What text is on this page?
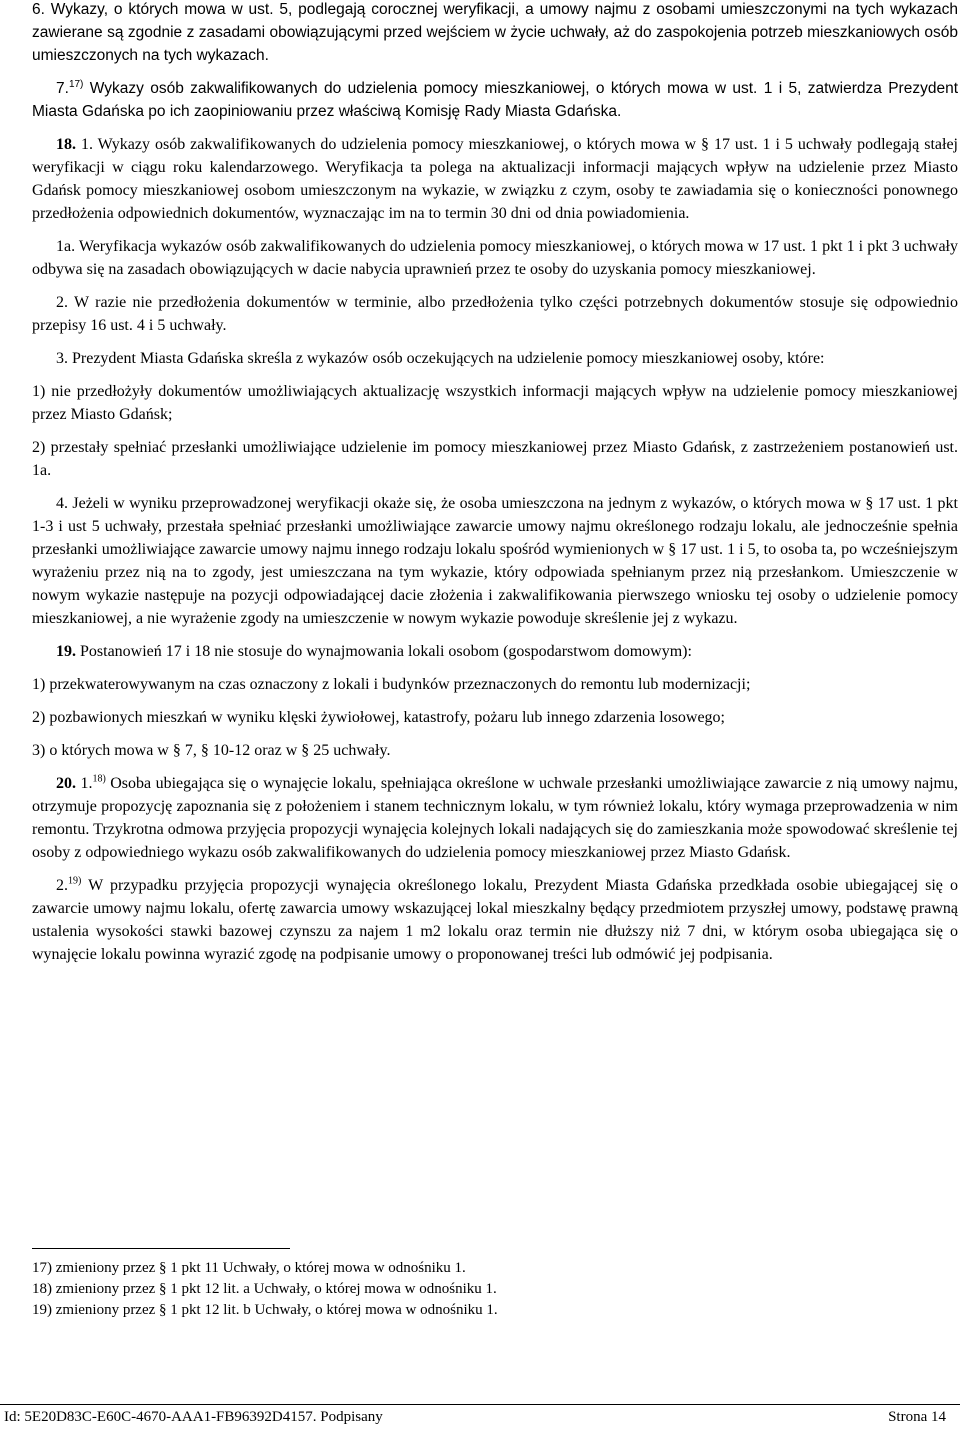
6. Wykazy, o których mowa w ust. 5, podlegają corocznej weryfikacji, a umowy najmu z osobami umieszczonymi na tych wykazach zawierane są zgodnie z zasadami obowiązującymi przed wejściem w życie uchwały, aż do zaspokojenia potrzeb mieszkaniowych osób umieszczonych na tych wykazach.

7.$^{17)}$ Wykazy osób zakwalifikowanych do udzielenia pomocy mieszkaniowej, o których mowa w ust. 1 i 5, zatwierdza Prezydent Miasta Gdańska po ich zaopiniowaniu przez właściwą Komisję Rady Miasta Gdańska.

18. 1. Wykazy osób zakwalifikowanych do udzielenia pomocy mieszkaniowej, o których mowa w § 17 ust. 1 i 5 uchwały podlegają stałej weryfikacji w ciągu roku kalendarzowego. Weryfikacja ta polega na aktualizacji informacji mających wpływ na udzielenie przez Miasto Gdańsk pomocy mieszkaniowej osobom umieszczonym na wykazie, w związku z czym, osoby te zawiadamia się o konieczności ponownego przedłożenia odpowiednich dokumentów, wyznaczając im na to termin 30 dni od dnia powiadomienia.

1a. Weryfikacja wykazów osób zakwalifikowanych do udzielenia pomocy mieszkaniowej, o których mowa w 17 ust. 1 pkt 1 i pkt 3 uchwały odbywa się na zasadach obowiązujących w dacie nabycia uprawnień przez te osoby do uzyskania pomocy mieszkaniowej.

2. W razie nie przedłożenia dokumentów w terminie, albo przedłożenia tylko części potrzebnych dokumentów stosuje się odpowiednio przepisy 16 ust. 4 i 5 uchwały.

3. Prezydent Miasta Gdańska skreśla z wykazów osób oczekujących na udzielenie pomocy mieszkaniowej osoby, które:

1) nie przedłożyły dokumentów umożliwiających aktualizację wszystkich informacji mających wpływ na udzielenie pomocy mieszkaniowej przez Miasto Gdańsk;

2) przestały spełniać przesłanki umożliwiające udzielenie im pomocy mieszkaniowej przez Miasto Gdańsk, z zastrzeżeniem postanowień ust. 1a.

4. Jeżeli w wyniku przeprowadzonej weryfikacji okaże się, że osoba umieszczona na jednym z wykazów, o których mowa w § 17 ust. 1 pkt 1-3 i ust 5 uchwały, przestała spełniać przesłanki umożliwiające zawarcie umowy najmu określonego rodzaju lokalu, ale jednocześnie spełnia przesłanki umożliwiające zawarcie umowy najmu innego rodzaju lokalu spośród wymienionych w § 17 ust. 1 i 5, to osoba ta, po wcześniejszym wyrażeniu przez nią na to zgody, jest umieszczana na tym wykazie, który odpowiada spełnianym przez nią przesłankom. Umieszczenie w nowym wykazie następuje na pozycji odpowiadającej dacie złożenia i zakwalifikowania pierwszego wniosku tej osoby o udzielenie pomocy mieszkaniowej, a nie wyrażenie zgody na umieszczenie w nowym wykazie powoduje skreślenie jej z wykazu.

19. Postanowień 17 i 18 nie stosuje do wynajmowania lokali osobom (gospodarstwom domowym):

1) przekwaterowywanym na czas oznaczony z lokali i budynków przeznaczonych do remontu lub modernizacji;

2) pozbawionych mieszkań w wyniku klęski żywiołowej, katastrofy, pożaru lub innego zdarzenia losowego;

3) o których mowa w § 7, § 10-12 oraz w § 25 uchwały.

20. 1.$^{18)}$ Osoba ubiegająca się o wynajęcie lokalu, spełniająca określone w uchwale przesłanki umożliwiające zawarcie z nią umowy najmu, otrzymuje propozycję zapoznania się z położeniem i stanem technicznym lokalu, w tym również lokalu, który wymaga przeprowadzenia w nim remontu. Trzykrotna odmowa przyjęcia propozycji wynajęcia kolejnych lokali nadających się do zamieszkania może spowodować skreślenie tej osoby z odpowiedniego wykazu osób zakwalifikowanych do udzielenia pomocy mieszkaniowej przez Miasto Gdańsk.

2.$^{19)}$ W przypadku przyjęcia propozycji wynajęcia określonego lokalu, Prezydent Miasta Gdańska przedkłada osobie ubiegającej się o zawarcie umowy najmu lokalu, ofertę zawarcia umowy wskazującej lokal mieszkalny będący przedmiotem przyszłej umowy, podstawę prawną ustalenia wysokości stawki bazowej czynszu za najem 1 m2 lokalu oraz termin nie dłuższy niż 7 dni, w którym osoba ubiegająca się o wynajęcie lokalu powinna wyrazić zgodę na podpisanie umowy o proponowanej treści lub odmówić jej podpisania.

17) zmieniony przez § 1 pkt 11 Uchwały, o której mowa w odnośniku 1.
18) zmieniony przez § 1 pkt 12 lit. a Uchwały, o której mowa w odnośniku 1.
19) zmieniony przez § 1 pkt 12 lit. b Uchwały, o której mowa w odnośniku 1.
Id: 5E20D83C-E60C-4670-AAA1-FB96392D4157. Podpisany	Strona 14
